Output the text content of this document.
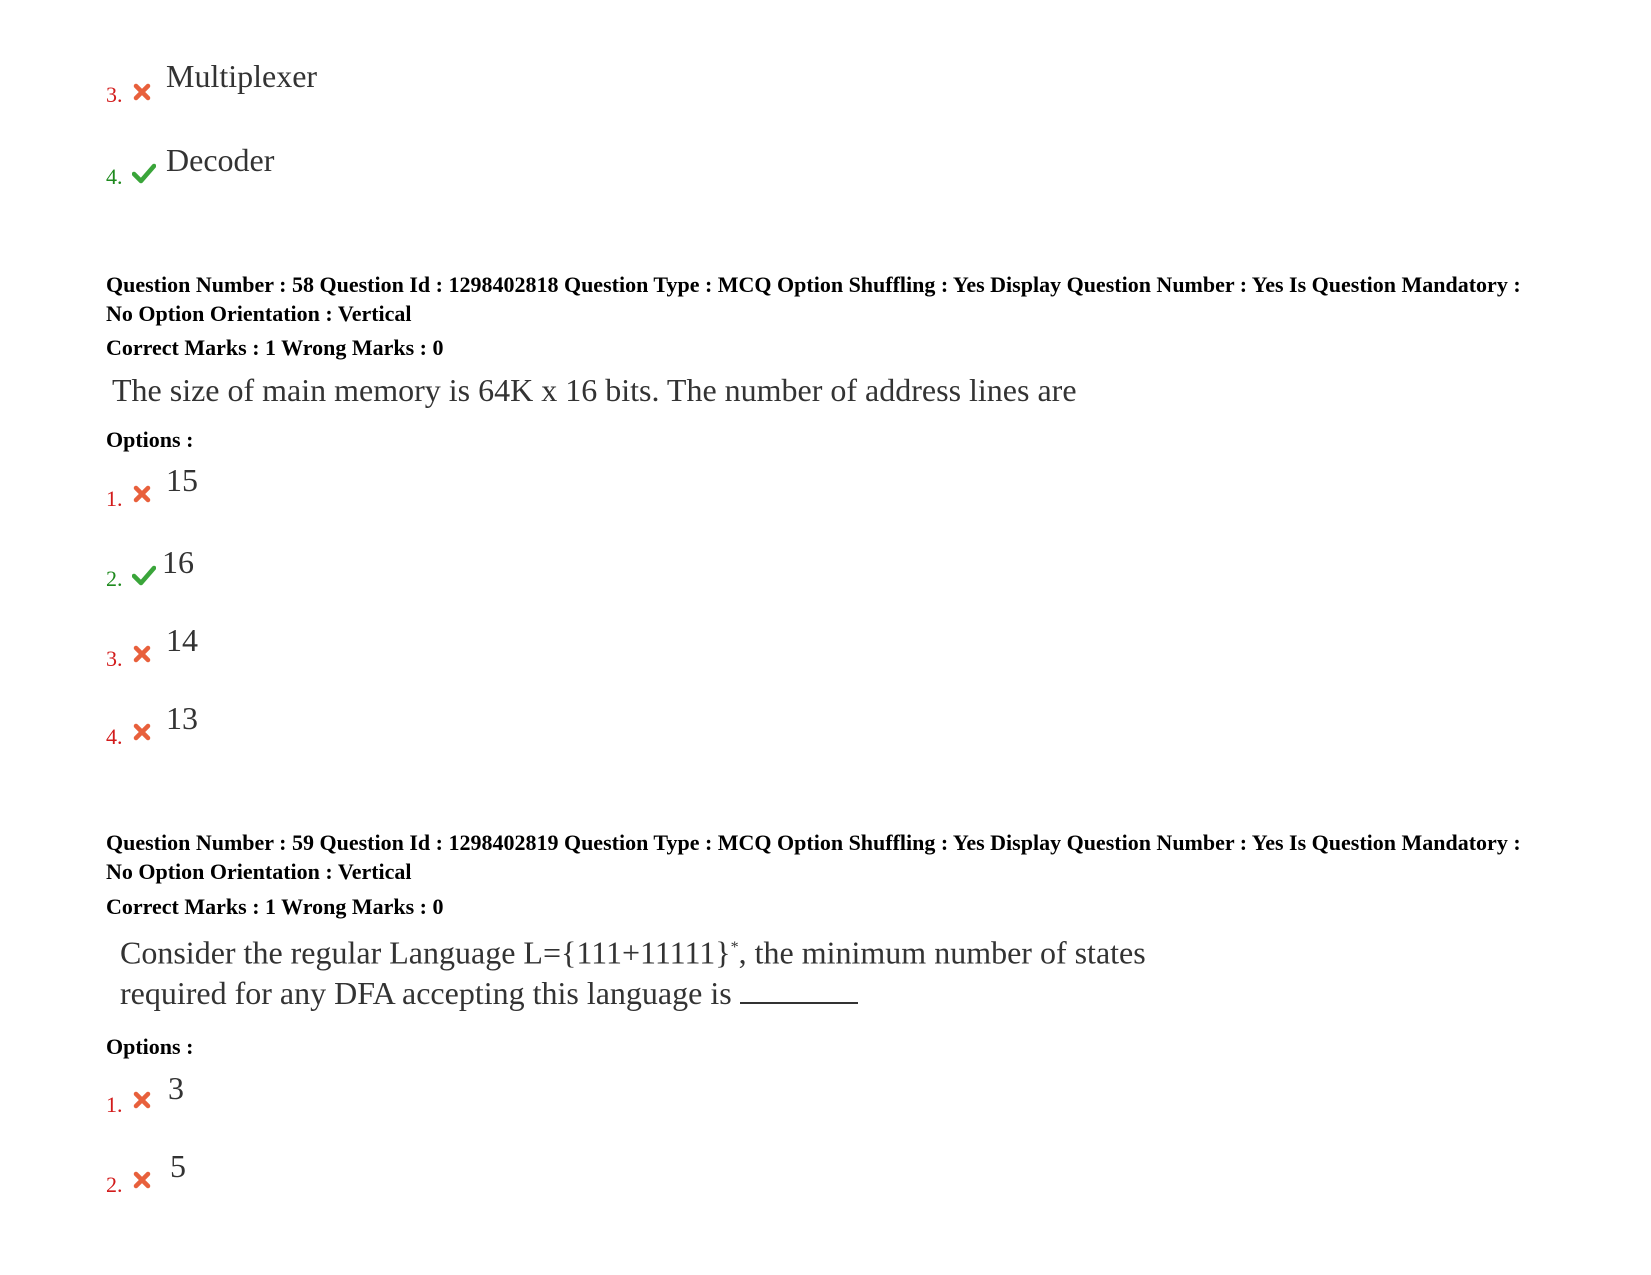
3.
Multiplexer
4. Decoder
Question Number : 58 Question Id : 1298402818 Question Type : MCQ Option Shuffling : Yes Display Question Number : Yes Is Question Mandatory : No Option Orientation : Vertical
Correct Marks : 1 Wrong Marks : 0
The size of main memory is 64K x 16 bits. The number of address lines are
Options :
1.
15
2. 16
3.
14
4.
13
Question Number : 59 Question Id : 1298402819 Question Type : MCQ Option Shuffling : Yes Display Question Number : Yes Is Question Mandatory : No Option Orientation : Vertical
Correct Marks : 1 Wrong Marks : 0
Consider the regular Language L={111+11111}*, the minimum number of states
required for any DFA accepting this language is
Options :
1. 3
2.
5
